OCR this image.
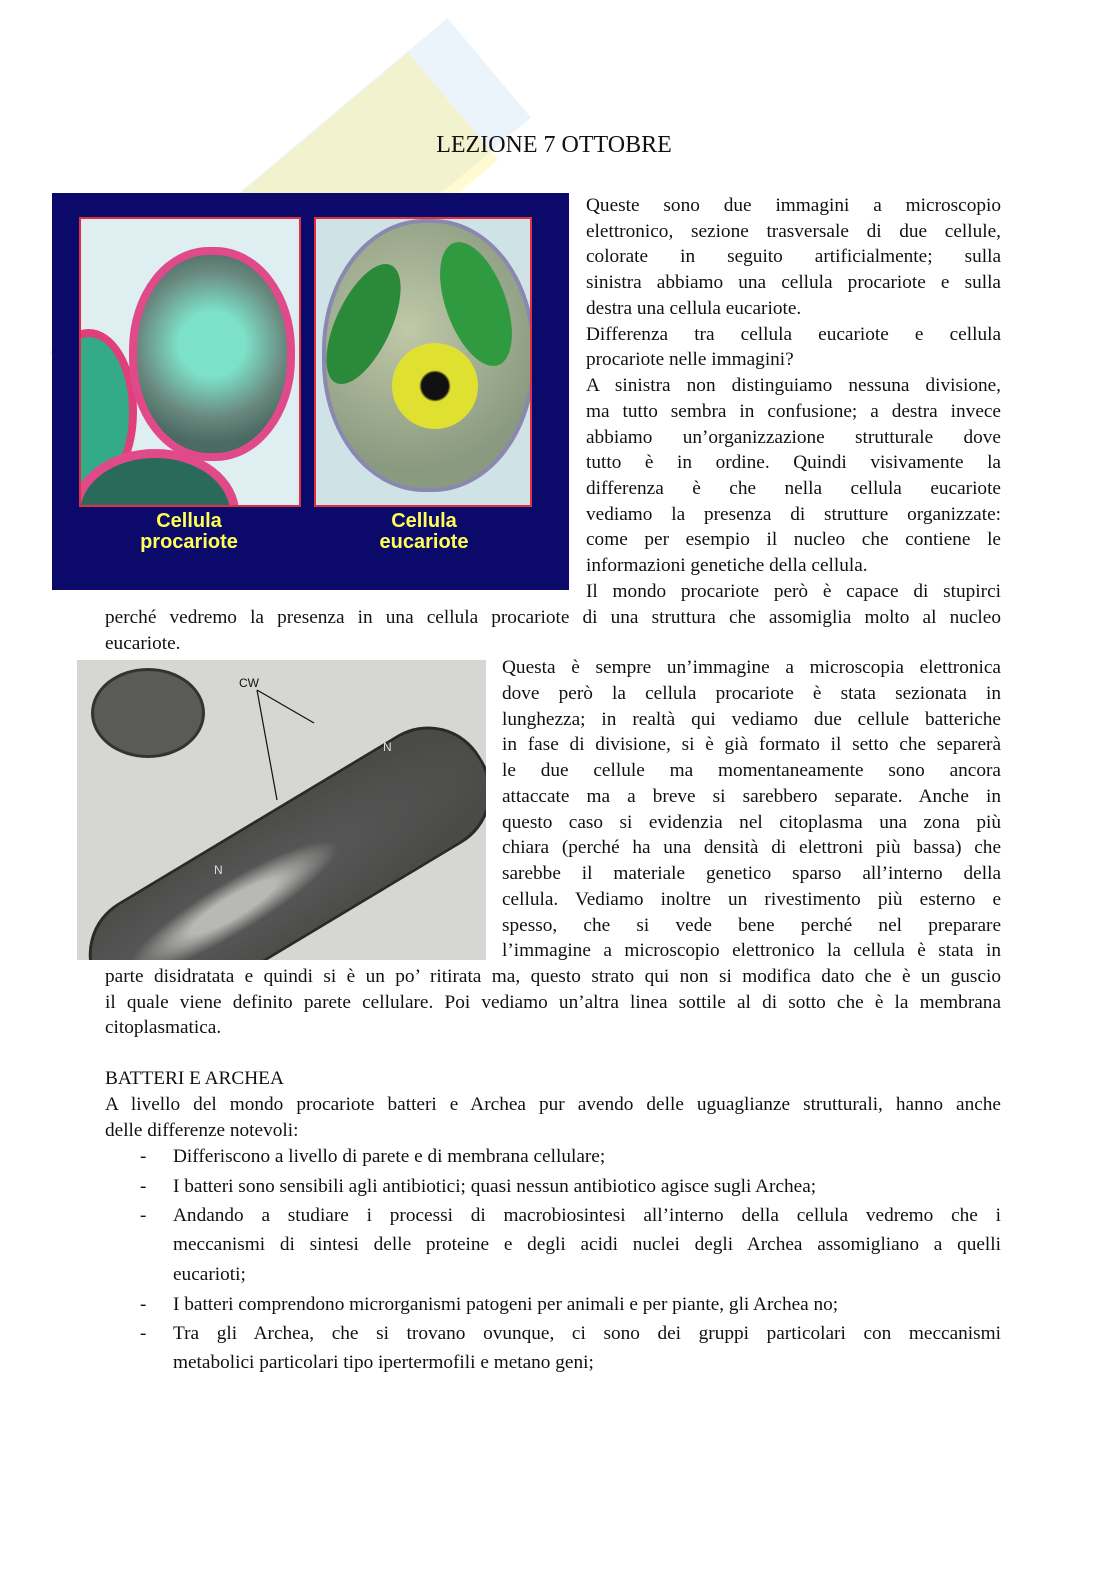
LEZIONE 7 OTTOBRE
Cellula
procariote
Cellula
eucariote
CW
N
N
Queste sono due immagini a microscopio
elettronico, sezione trasversale di due cellule,
colorate in seguito artificialmente; sulla
sinistra abbiamo una cellula procariote e sulla
destra una cellula eucariote.
Differenza tra cellula eucariote e cellula
procariote nelle immagini?
A sinistra non distinguiamo nessuna divisione,
ma tutto sembra in confusione; a destra invece
abbiamo un’organizzazione strutturale dove
tutto è in ordine. Quindi visivamente la
differenza è che nella cellula eucariote
vediamo la presenza di strutture organizzate:
come per esempio il nucleo che contiene le
informazioni genetiche della cellula.
Il mondo procariote però è capace di stupirci
perché vedremo la presenza in una cellula procariote di una struttura che assomiglia molto al nucleo
eucariote.
Questa è sempre un’immagine a microscopia elettronica
dove però la cellula procariote è stata sezionata in
lunghezza; in realtà qui vediamo due cellule batteriche
in fase di divisione, si è già formato il setto che separerà
le due cellule ma momentaneamente sono ancora
attaccate ma a breve si sarebbero separate. Anche in
questo caso si evidenzia nel citoplasma una zona più
chiara (perché ha una densità di elettroni più bassa) che
sarebbe il materiale genetico sparso all’interno della
cellula. Vediamo inoltre un rivestimento più esterno e
spesso, che si vede bene perché nel preparare
l’immagine a microscopio elettronico la cellula è stata in
parte disidratata e quindi si è un po’ ritirata ma, questo strato qui non si modifica dato che è un guscio
il quale viene definito parete cellulare. Poi vediamo un’altra linea sottile al di sotto che è la membrana
citoplasmatica.
BATTERI E ARCHEA
A livello del mondo procariote batteri e Archea pur avendo delle uguaglianze strutturali, hanno anche
delle differenze notevoli:
- Differiscono a livello di parete e di membrana cellulare;
- I batteri sono sensibili agli antibiotici; quasi nessun antibiotico agisce sugli Archea;
- Andando a studiare i processi di macrobiosintesi all’interno della cellula vedremo che i
meccanismi di sintesi delle proteine e degli acidi nuclei degli Archea assomigliano a quelli
eucarioti;
- I batteri comprendono microrganismi patogeni per animali e per piante, gli Archea no;
- Tra gli Archea, che si trovano ovunque, ci sono dei gruppi particolari con meccanismi
metabolici particolari tipo ipertermofili e metano geni;
